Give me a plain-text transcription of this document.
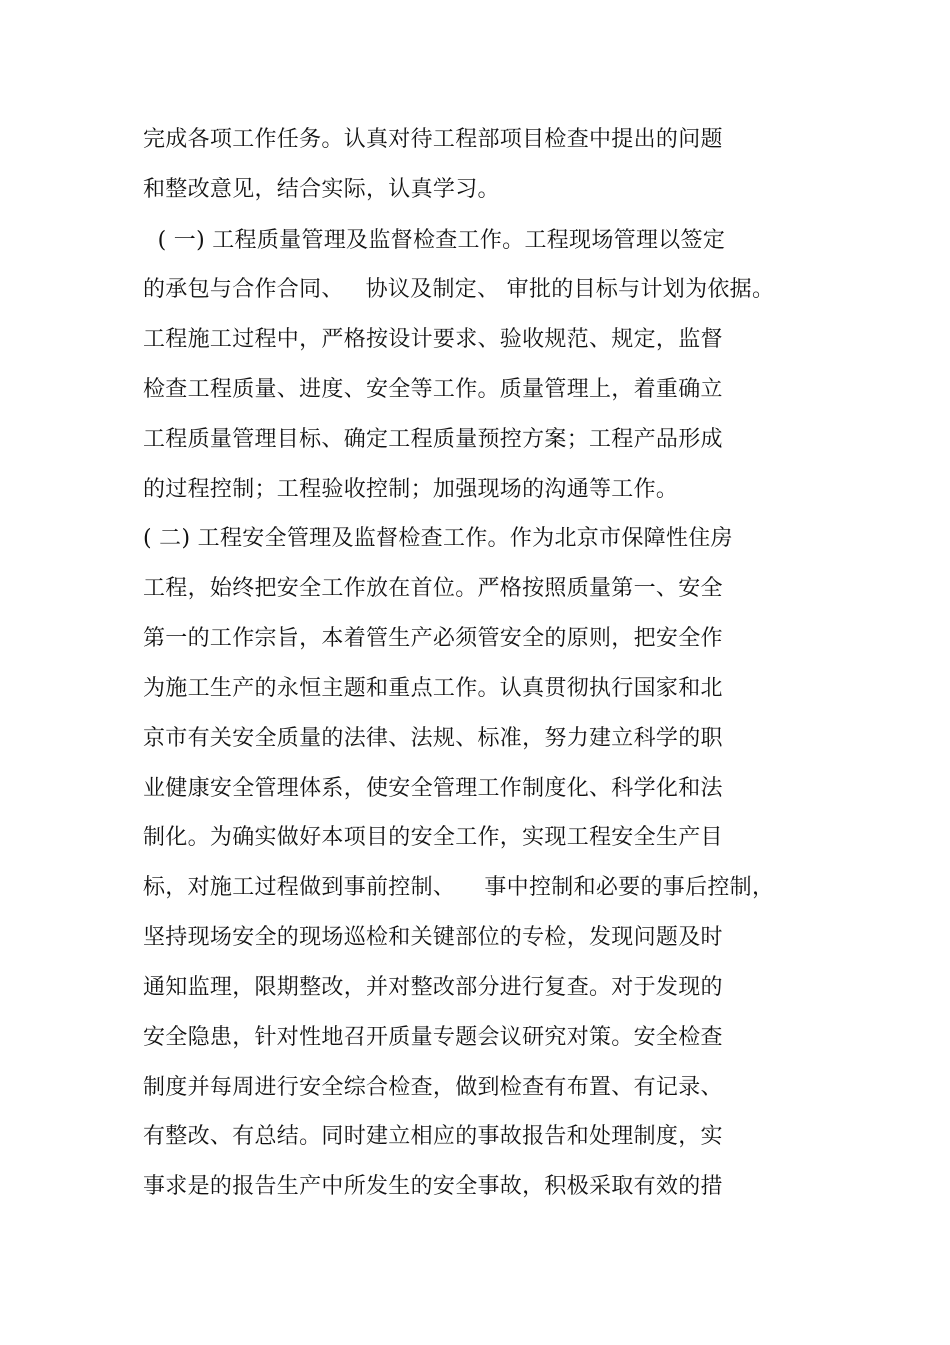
完成各项工作任务。认真对待工程部项目检查中提出的问题
和整改意见，结合实际，认真学习。
( 一) 工程质量管理及监督检查工作。工程现场管理以签定
的承包与合作合同、   协议及制定、 审批的目标与计划为依据。
工程施工过程中，严格按设计要求、验收规范、规定，监督
检查工程质量、进度、安全等工作。质量管理上，着重确立
工程质量管理目标、确定工程质量预控方案；工程产品形成
的过程控制；工程验收控制；加强现场的沟通等工作。
( 二) 工程安全管理及监督检查工作。作为北京市保障性住房
工程，始终把安全工作放在首位。严格按照质量第一、安全
第一的工作宗旨，本着管生产必须管安全的原则，把安全作
为施工生产的永恒主题和重点工作。认真贯彻执行国家和北
京市有关安全质量的法律、法规、标准，努力建立科学的职
业健康安全管理体系，使安全管理工作制度化、科学化和法
制化。为确实做好本项目的安全工作，实现工程安全生产目
标，对施工过程做到事前控制、    事中控制和必要的事后控制，
坚持现场安全的现场巡检和关键部位的专检，发现问题及时
通知监理，限期整改，并对整改部分进行复查。对于发现的
安全隐患，针对性地召开质量专题会议研究对策。安全检查
制度并每周进行安全综合检查，做到检查有布置、有记录、
有整改、有总结。同时建立相应的事故报告和处理制度，实
事求是的报告生产中所发生的安全事故，积极采取有效的措
